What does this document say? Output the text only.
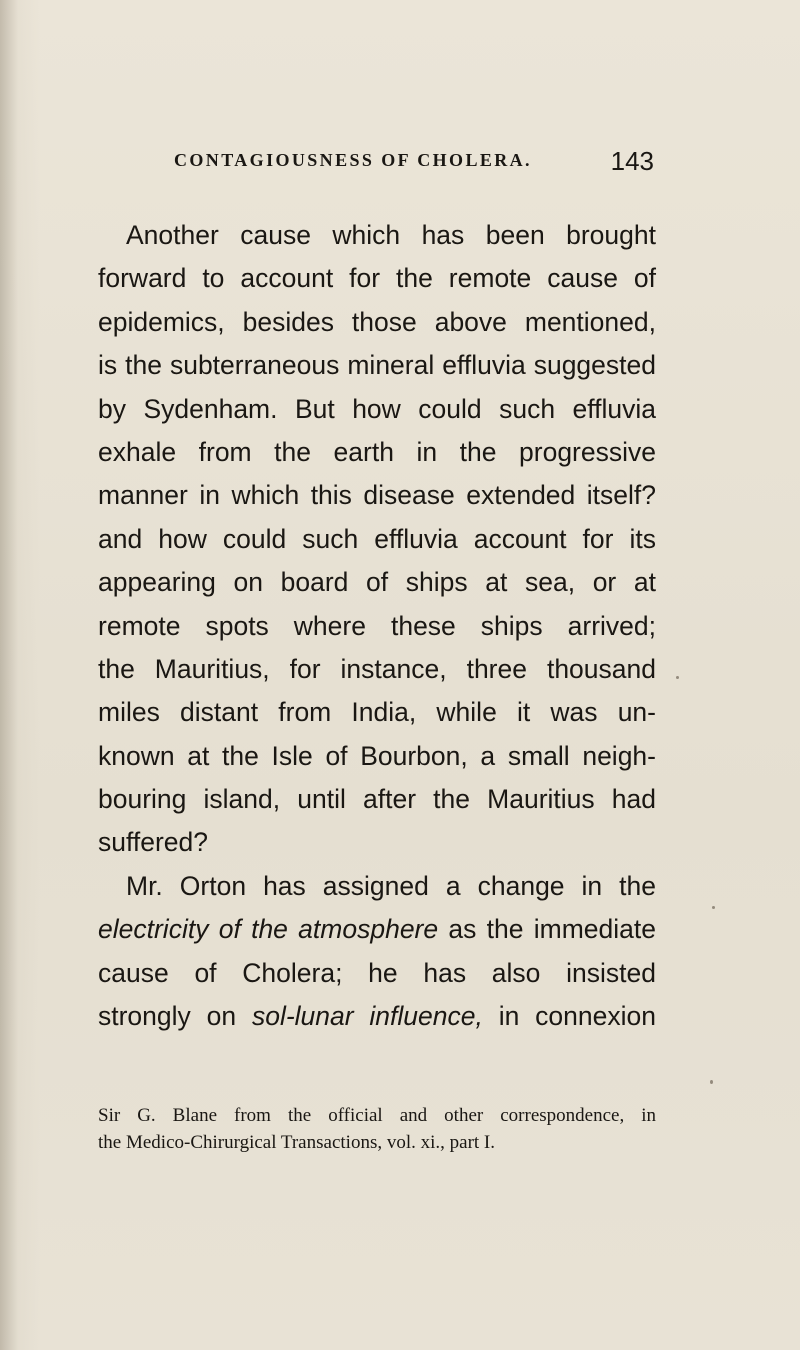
CONTAGIOUSNESS OF CHOLERA.	143
Another cause which has been brought
forward to account for the remote cause of
epidemics, besides those above mentioned,
is the subterraneous mineral effluvia suggested
by Sydenham. But how could such effluvia
exhale from the earth in the progressive
manner in which this disease extended itself?
and how could such effluvia account for its
appearing on board of ships at sea, or at
remote spots where these ships arrived;
the Mauritius, for instance, three thousand
miles distant from India, while it was un-
known at the Isle of Bourbon, a small neigh-
bouring island, until after the Mauritius had
suffered?
Mr. Orton has assigned a change in the
electricity of the atmosphere as the immediate
cause of Cholera; he has also insisted
strongly on sol-lunar influence, in connexion
Sir G. Blane from the official and other correspondence, in
the Medico-Chirurgical Transactions, vol. xi., part I.
